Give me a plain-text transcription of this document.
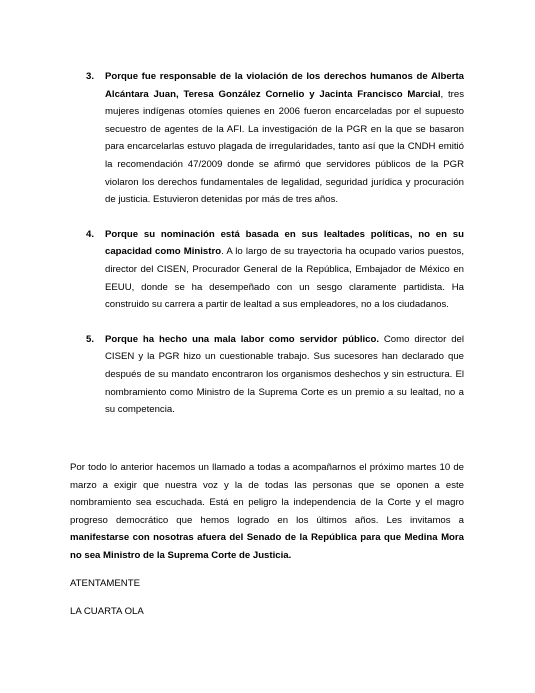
3. Porque fue responsable de la violación de los derechos humanos de Alberta Alcántara Juan, Teresa González Cornelio y Jacinta Francisco Marcial, tres mujeres indígenas otomíes quienes en 2006 fueron encarceladas por el supuesto secuestro de agentes de la AFI. La investigación de la PGR en la que se basaron para encarcelarlas estuvo plagada de irregularidades, tanto así que la CNDH emitió la recomendación 47/2009 donde se afirmó que servidores públicos de la PGR violaron los derechos fundamentales de legalidad, seguridad jurídica y procuración de justicia. Estuvieron detenidas por más de tres años.
4. Porque su nominación está basada en sus lealtades políticas, no en su capacidad como Ministro. A lo largo de su trayectoria ha ocupado varios puestos, director del CISEN, Procurador General de la República, Embajador de México en EEUU, donde se ha desempeñado con un sesgo claramente partidista. Ha construido su carrera a partir de lealtad a sus empleadores, no a los ciudadanos.
5. Porque ha hecho una mala labor como servidor público. Como director del CISEN y la PGR hizo un cuestionable trabajo. Sus sucesores han declarado que después de su mandato encontraron los organismos deshechos y sin estructura. El nombramiento como Ministro de la Suprema Corte es un premio a su lealtad, no a su competencia.

Por todo lo anterior hacemos un llamado a todas a acompañarnos el próximo martes 10 de marzo a exigir que nuestra voz y la de todas las personas que se oponen a este nombramiento sea escuchada. Está en peligro la independencia de la Corte y el magro progreso democrático que hemos logrado en los últimos años. Les invitamos a manifestarse con nosotras afuera del Senado de la República para que Medina Mora no sea Ministro de la Suprema Corte de Justicia.

ATENTAMENTE

LA CUARTA OLA
